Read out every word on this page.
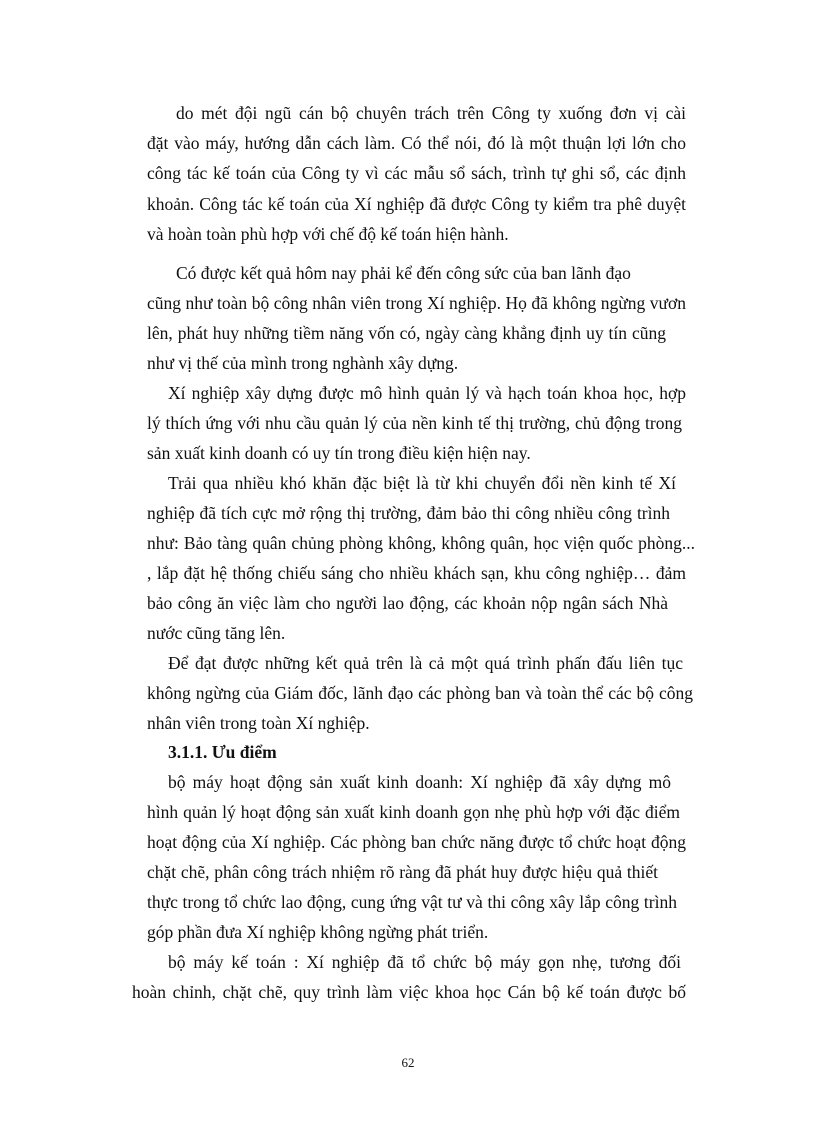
do mét đội ngũ cán bộ chuyên trách trên Công ty xuống đơn vị cài

đặt vào máy, hướng dẫn cách làm. Có thể nói, đó là một thuận lợi lớn cho

công tác kế toán của Công ty vì các mẫu sổ sách, trình tự ghi sổ, các định

khoản. Công tác kế toán của Xí nghiệp đã được Công ty kiểm tra phê duyệt

và hoàn toàn phù hợp với chế độ kế toán hiện hành.

Có được kết quả hôm nay phải kể đến công sức của ban lãnh đạo

cũng như toàn bộ công nhân viên trong Xí nghiệp. Họ đã không ngừng vươn

lên, phát huy những tiềm năng vốn có, ngày càng khẳng định uy tín cũng

như vị thế của mình trong nghành xây dựng.

Xí nghiệp xây dựng được mô hình quản lý và hạch toán khoa học, hợp

lý thích ứng với nhu cầu quản lý của nền kinh tế thị trường, chủ động trong

sản xuất kinh doanh có uy tín trong điều kiện hiện nay.

Trải qua nhiều khó khăn đặc biệt là từ khi chuyển đổi nền kinh tế Xí

nghiệp đã tích cực mở rộng thị trường, đảm bảo thi công nhiều công trình

như: Bảo tàng quân chủng phòng không, không quân, học viện quốc phòng...

, lắp đặt hệ thống chiếu sáng cho nhiều khách sạn, khu công nghiệp… đảm

bảo công ăn việc làm cho người lao động, các khoản nộp ngân sách Nhà

nước cũng tăng lên.

Để đạt được những kết quả trên là cả một quá trình phấn đấu liên tục

không ngừng của Giám đốc, lãnh đạo các phòng ban và toàn thể các bộ công

nhân viên trong toàn Xí nghiệp.

3.1.1. Ưu điểm

bộ máy hoạt động sản xuất kinh doanh: Xí nghiệp đã xây dựng mô

hình quản lý hoạt động sản xuất kinh doanh gọn nhẹ phù hợp với đặc điểm

hoạt động của Xí nghiệp. Các phòng ban chức năng được tổ chức hoạt động

chặt chẽ, phân công trách nhiệm rõ ràng đã phát huy được hiệu quả thiết

thực trong tổ chức lao động, cung ứng vật tư và thi công xây lắp công trình

góp phần đưa Xí nghiệp không ngừng phát triển.

bộ máy kế toán : Xí nghiệp đã tổ chức bộ máy gọn nhẹ, tương đối

hoàn chỉnh, chặt chẽ, quy trình làm việc khoa học Cán bộ kế toán được bố

62
